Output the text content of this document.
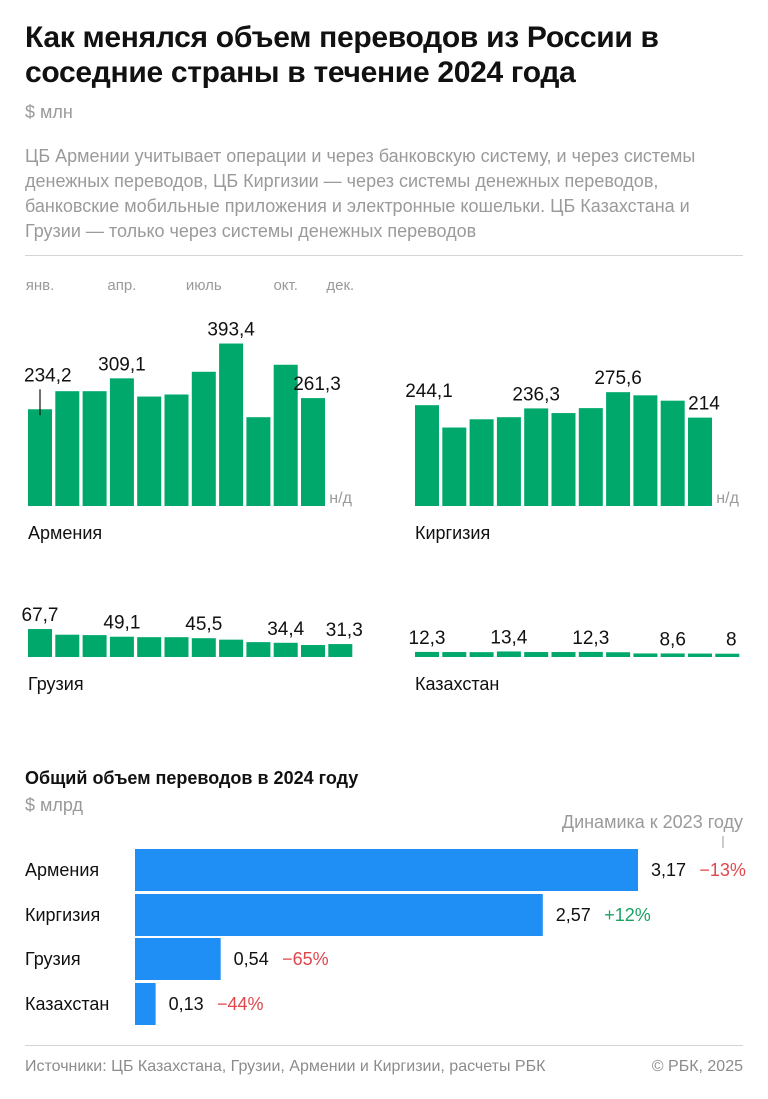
Как менялся объем переводов из России в соседние страны в течение 2024 года
$ млн

ЦБ Армении учитывает операции и через банковскую систему, и через системы денежных переводов, ЦБ Киргизии — через системы денежных переводов, банковские мобильные приложения и электронные кошельки. ЦБ Казахстана и Грузии — только через системы денежных переводов

янв.	апр.	июль	окт. дек.
234,2
309,1
393,4
261,3
н/д
Армения
244,1	236,3
275,6
214
н/д
Киргизия
67,7 49,1 45,5 34,4 31,3
Грузия
12,3 13,4 12,3	8,6 8
Казахстан
Общий объем переводов в 2024 году
$ млрд
Динамика к 2023 году
Армения	3,17 −13%
Киргизия	2,57 +12%
Грузия	0,54 −65%
Казахстан	0,13 −44%
Источники: ЦБ Казахстана, Грузии, Армении и Киргизии, расчеты РБК	© РБК, 2025
